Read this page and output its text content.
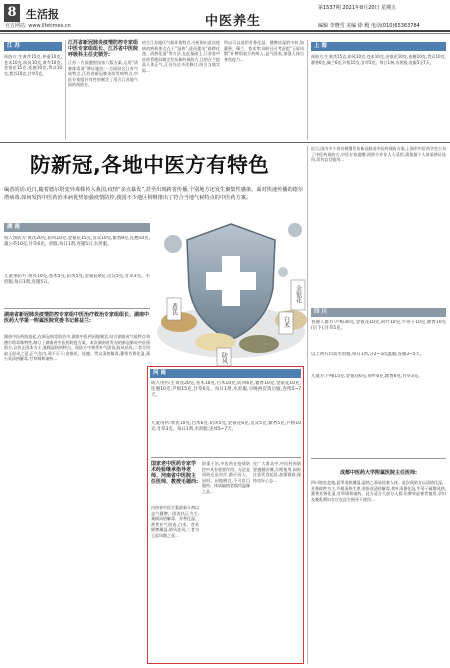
8 生活报
官方网站: www.lifetimes.cn	中医养生
第1537期 2021年8月20日 星期五
编辑 李晓雪 美编 徐 殿 电话(010)65363784
江 苏
预防方:生黄芪15克,仲蚕10克,苍术10克,防风10克,黄芩10克,金银花15克,连翘10克,贯众10克,紫苏10克,甘草5克。
江苏省新冠肺炎疫情防控专家组中医专家组组长、江苏省中医院呼吸科主任史锁芳:
江苏一方面遵照国家八版方案,运用“清肺排毒汤”辨证施治;一方面结合江苏气候特点,江苏省新冠肺炎的发病特点,中医专家组针对性的制定了适合江苏地气候的预防方。
结合江苏地区气候环境特点,分析指出此次疫病的病机要点在于“湿热”,进而提出“辟秽化浊、清热化湿”等方法,在此基础上,江苏省中医药管理局制定发布新的预防方,目的在于提高人体正气,江苏先后多次修订,结合当地实际...
所以可以选用芳香化湿、健脾祛湿的中药,如藿香、佩兰、苍术等;同时还可考虑把“玉屏风散”补脾固表方药纳入,益气固表,加强人体自身免疫力...
上 海
预防方:生黄芪15克,防风10克,苍术10克,金银花10克,连翘10克,贯众10克,藿香6克,佩兰6克,芦根15克,甘草5克。每日1剂,水煎服,连服5至7天。
防新冠,各地中医方有特色
编者的话:近日,随着德尔塔变异毒株传入我国,疫情“多点暴发”,甚至出现跨省传播,个别地方还发生聚集性感染。面对快速传播的德尔塔病毒,如何发挥中医药治未病优势加强疫情防控,我国不少地区相继推出了符合当地气候特点的中医药方案。
湖 南
成人预防方:黄芪20克,防风10克,金银花15克,贯众10克,藿香8克,连翘10克,蒲公英10克,甘草6克。煎服,每日1剂,连服5日,水煎服。
儿童预防方:黄芪10克,苍术5克,防风5克,金银花8克,贯众5克,甘草3克。水煎服,每日1剂,连服5日。
湖南省新冠肺炎疫情防控专家组中医治疗救治专家组组长、湖南中医药大学第一附属医院党委书记蒋益兰:
湖南中医药防疫起,在新冠病毒防治中,湖南中医药因地制宜,结合湖南省气候特点和德尔塔毒株特性,制订了湖南省中医药防疫方案。本次湖南省发布的新冠肺炎中医预防方,以扶正固本为主,兼顾湿热的特点。预防方中黄芪补气固表,防风祛风,二者合用取玉屏风之意,正气存内,邪不可干;金银花、连翘、贯众清热解毒,藿香芳香化湿,蒲公英清热解毒,甘草调和诸药...
黄芪
金银花
白术
防风
河 南
成人用药:生黄芪20克,苍术10克,白术10克,防风6克,藿香10克,金银花10克,连翘10克,芦根15克,甘草6克。每日1剂,水煎服,早晚两次饭后服,连续5~7天。
儿童用药:黄芪10克,白术6克,防风5克,金银花6克,贯众5克,藿香5克,芦根10克,甘草3克。每日1剂,水煎服,连续5~7天。
国家老中医药专家学术经验继承指导老师、河南省中医院主任医师、教授毛德西:
河南省中医方案最新方剂以益气健脾、固表扶正为主,兼顾清热解毒、芳香化湿。黄芪补气固表,白术、苍术健脾燥湿,防风祛风,三者为玉屏风散之意...
防重于治,中医药在疫情防控中具有重要作用。无论是预防还是治疗,都应因人、因时、因地制宜,不可盲目服药。体质偏热者慎用温燥之品...
在广大群众中,中医药预防要遵循医嘱,合理使用,同时注意饮食起居,加强锻炼,保持良好心态...
近日,国内多个省份相继发布新冠肺炎中医药预防方案,上海市中医药学会公布了中医药预防方,中医专家提醒:预防方并非人人适用,需根据个人体质辨证选用,切勿盲目服用...
四 川
普通人群方:芦根30克,金银花10克,荷叶10克,牛蒡子10克,藿香10克(后下),甘草5克。
以上两方均需水煎服,每日1剂,分2~3次温服,连服3~5天。
儿童方:芦根15克,金银花6克,荷叶6克,藿香6克,甘草3克。
成都中医药大学附属医院主任医师:
四川地处盆地,夏季炎热潮湿,湿热之邪易侵袭人体。此次预防方以清热化湿、芳香辟秽为主,芦根清热生津,金银花清热解毒,荷叶清暑化湿,牛蒡子疏散风热,藿香芳香化湿,甘草调和诸药。此方适合大部分人群,但脾胃虚寒者慎用,孕妇及哺乳期妇女应在医生指导下使用...
